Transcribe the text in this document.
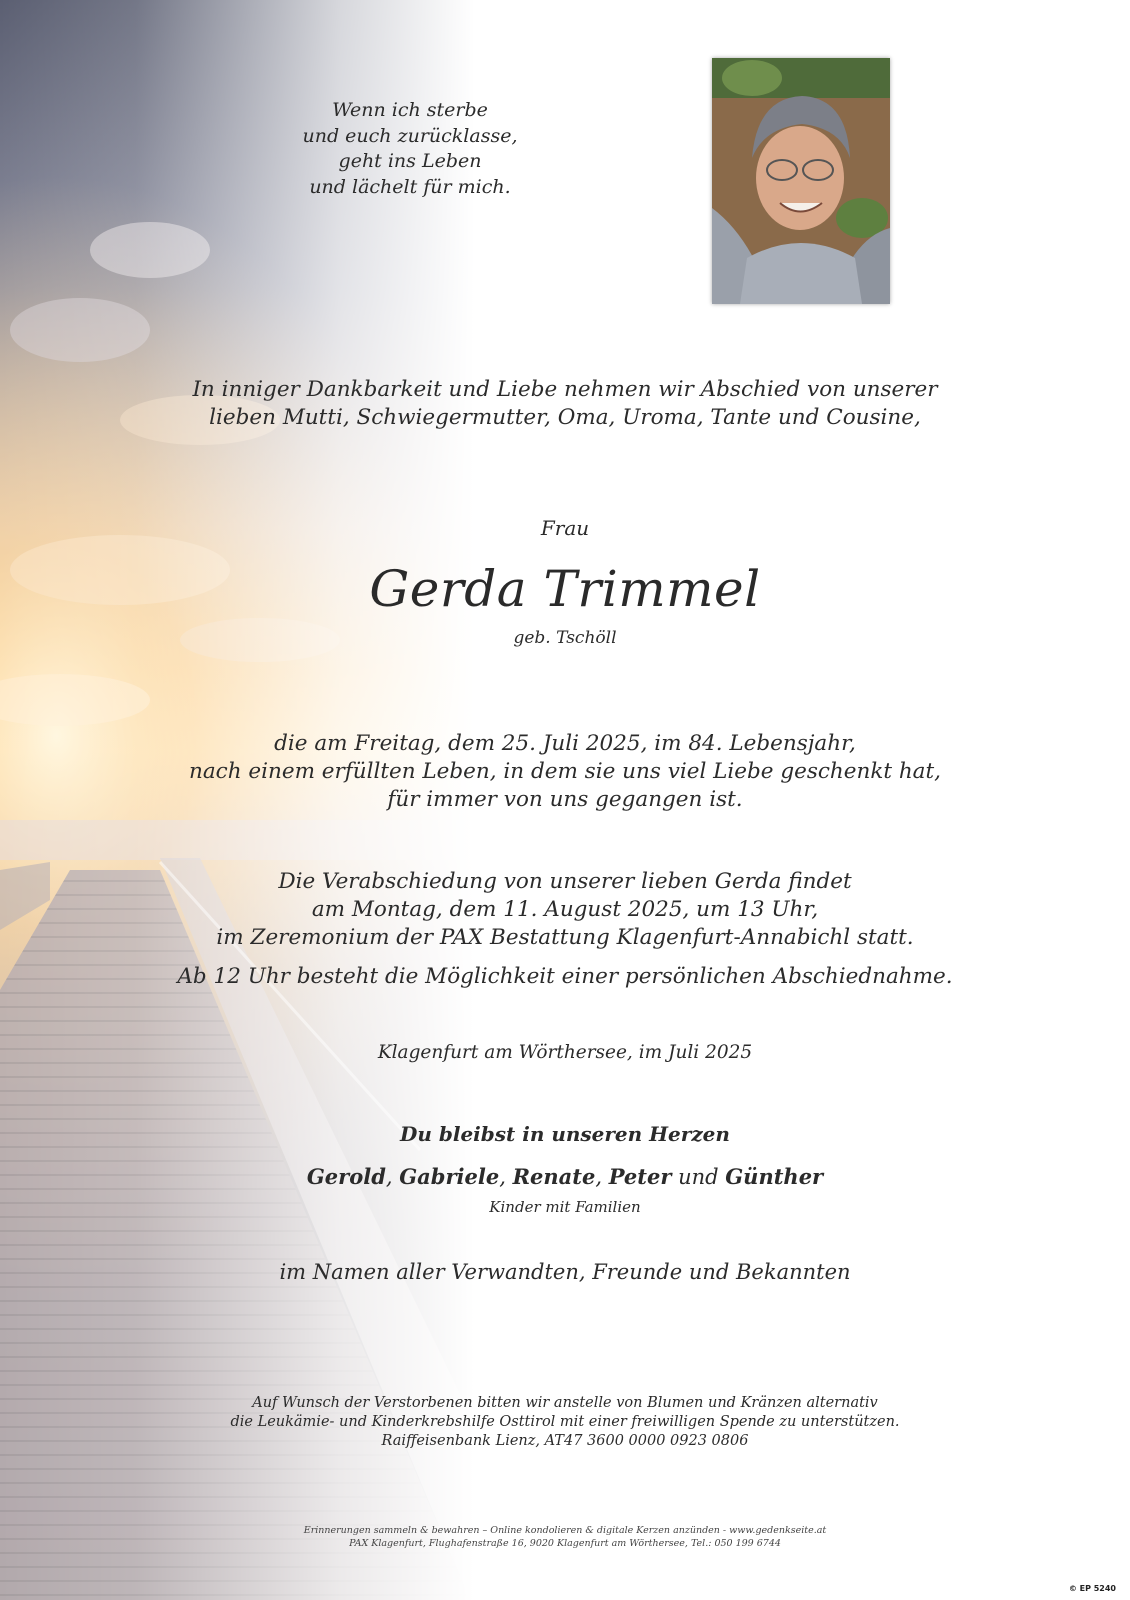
Wenn ich sterbe
und euch zurücklasse,
geht ins Leben
und lächelt für mich.
In inniger Dankbarkeit und Liebe nehmen wir Abschied von unserer
lieben Mutti, Schwiegermutter, Oma, Uroma, Tante und Cousine,
Frau
Gerda Trimmel
geb. Tschöll
die am Freitag, dem 25. Juli 2025, im 84. Lebensjahr,
nach einem erfüllten Leben, in dem sie uns viel Liebe geschenkt hat,
für immer von uns gegangen ist.
Die Verabschiedung von unserer lieben Gerda findet
am Montag, dem 11. August 2025, um 13 Uhr,
im Zeremonium der PAX Bestattung Klagenfurt-Annabichl statt.
Ab 12 Uhr besteht die Möglichkeit einer persönlichen Abschiednahme.
Klagenfurt am Wörthersee, im Juli 2025
Du bleibst in unseren Herzen
Gerold, Gabriele, Renate, Peter und Günther
Kinder mit Familien
im Namen aller Verwandten, Freunde und Bekannten
Auf Wunsch der Verstorbenen bitten wir anstelle von Blumen und Kränzen alternativ
die Leukämie- und Kinderkrebshilfe Osttirol mit einer freiwilligen Spende zu unterstützen.
Raiffeisenbank Lienz, AT47 3600 0000 0923 0806
Erinnerungen sammeln & bewahren – Online kondolieren & digitale Kerzen anzünden - www.gedenkseite.at
PAX Klagenfurt, Flughafenstraße 16, 9020 Klagenfurt am Wörthersee, Tel.: 050 199 6744
© EP 5240
